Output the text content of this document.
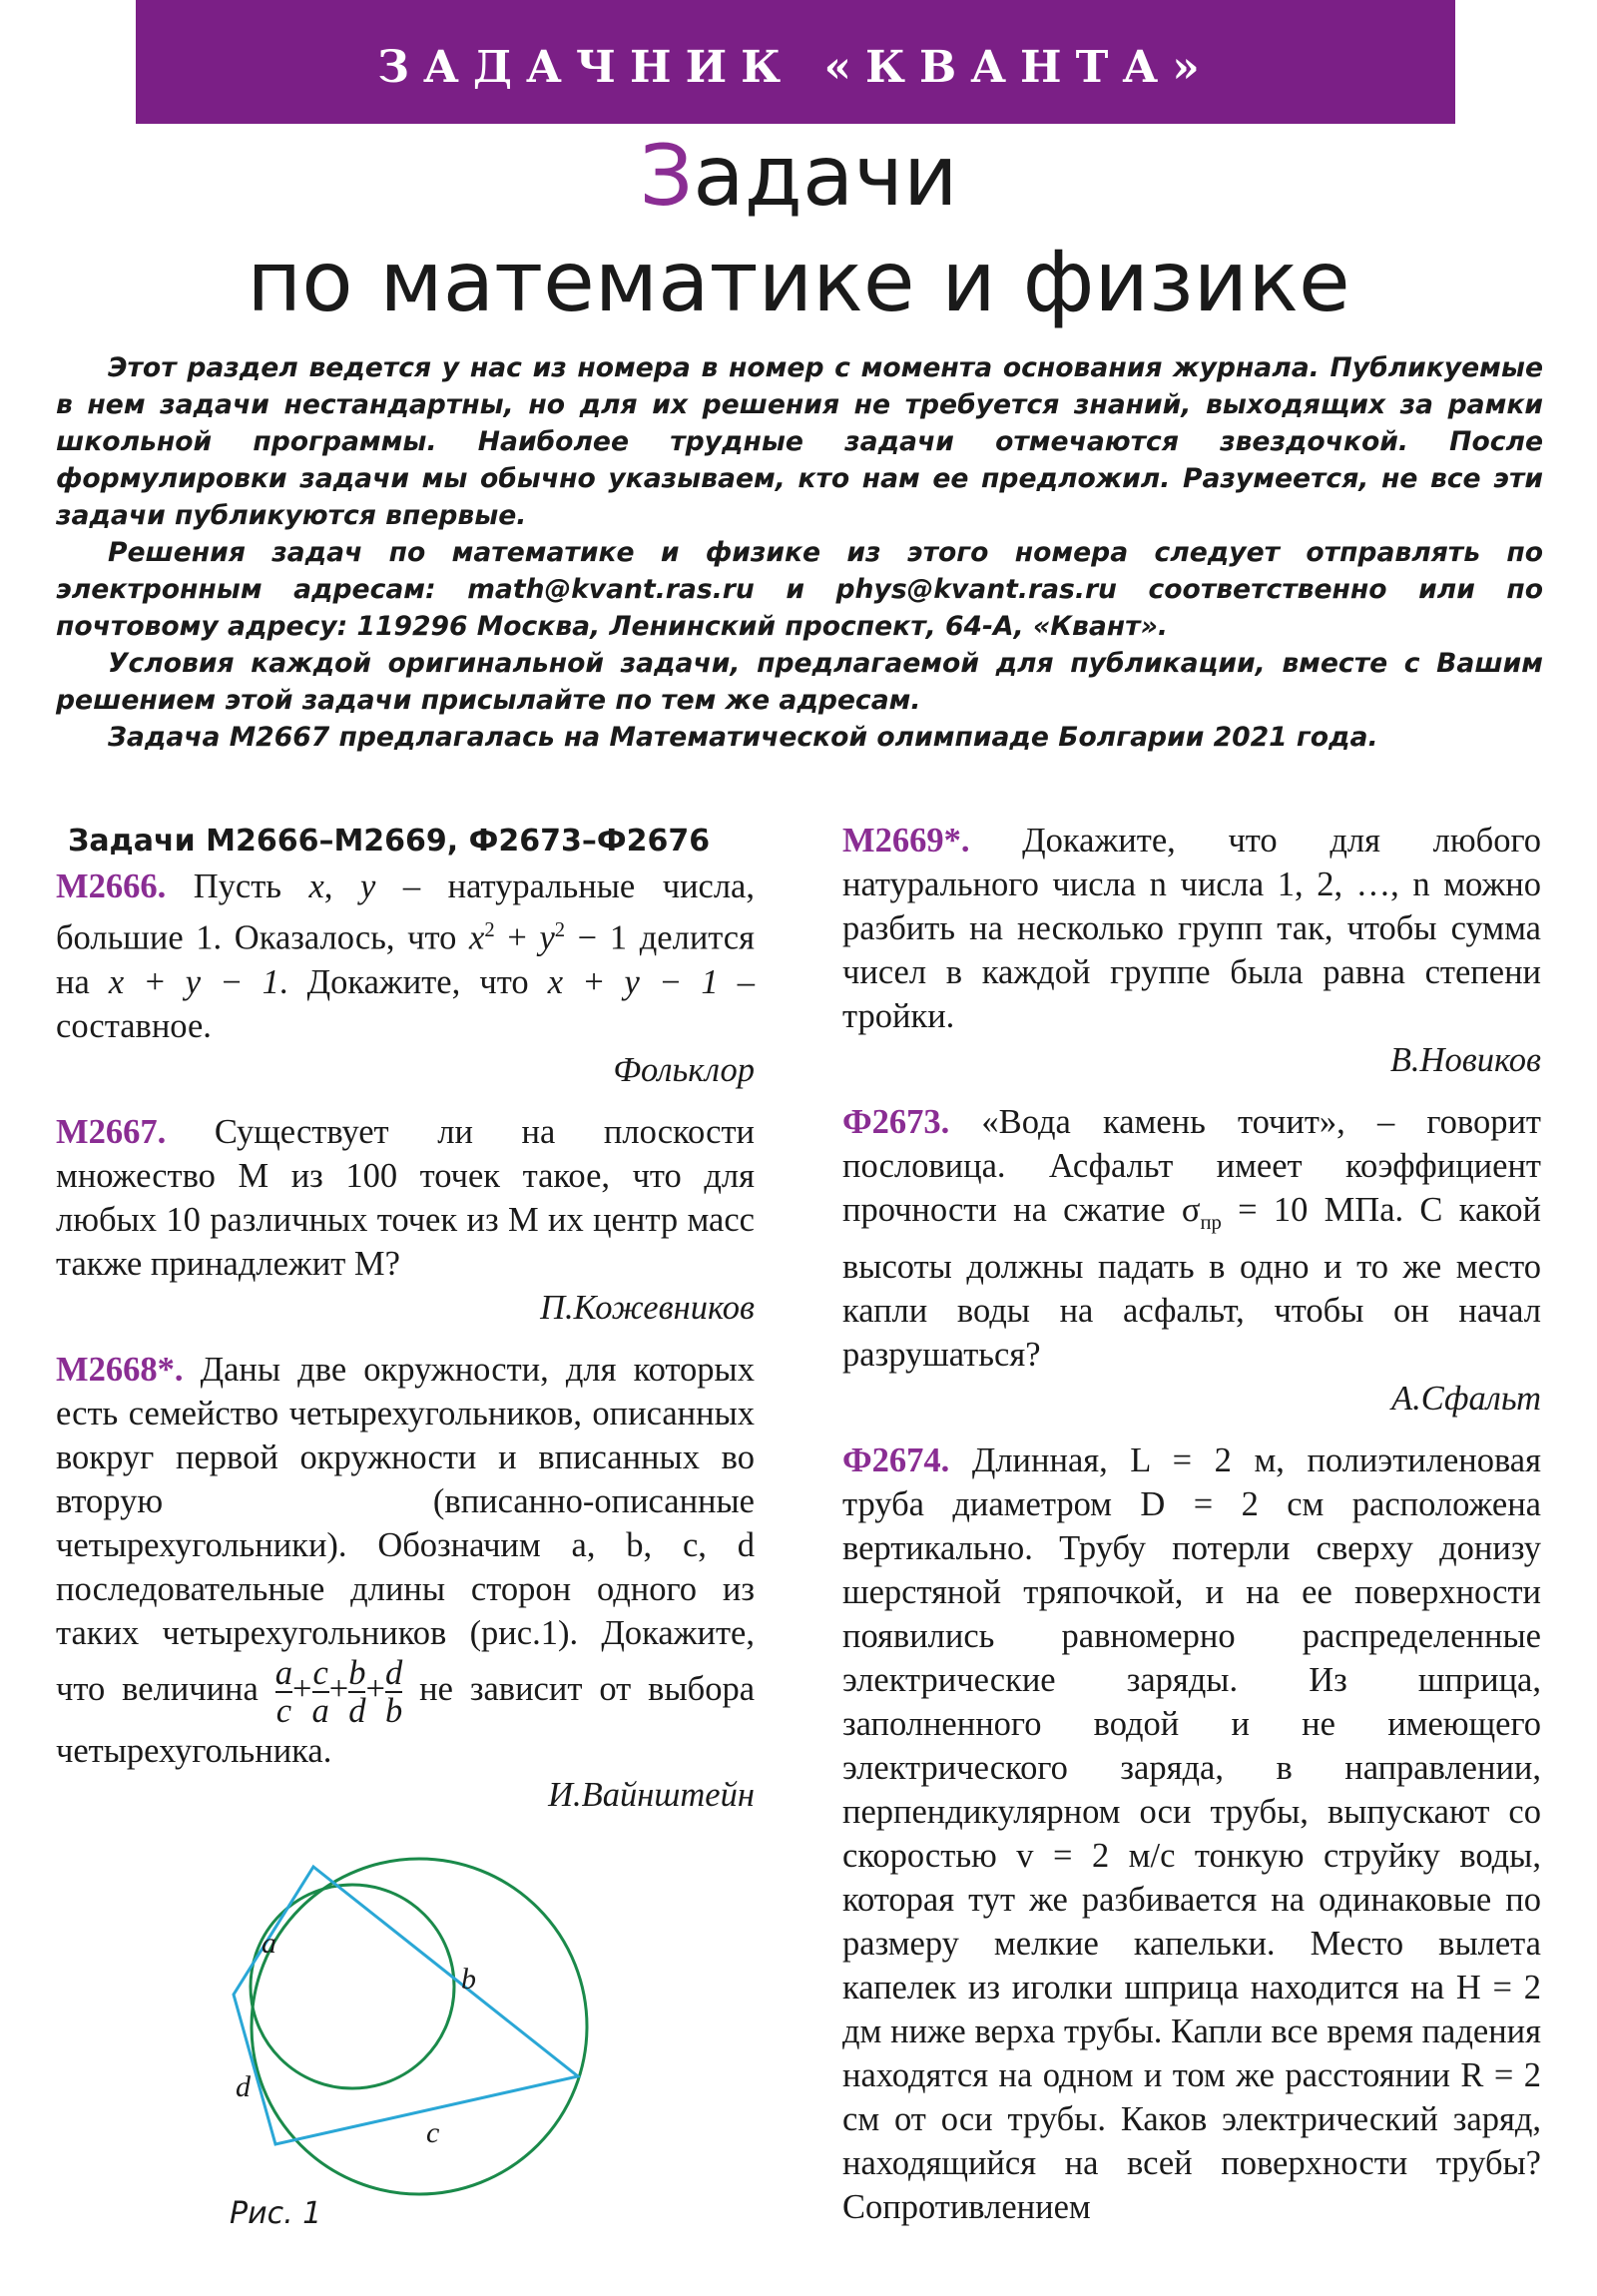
ЗАДАЧНИК «КВАНТА»
Задачи
по математике и физике

Этот раздел ведется у нас из номера в номер с момента основания журнала. Публикуемые в нем задачи нестандартны, но для их решения не требуется знаний, выходящих за рамки школьной программы. Наиболее трудные задачи отмечаются звездочкой. После формулировки задачи мы обычно указываем, кто нам ее предложил. Разумеется, не все эти задачи публикуются впервые.

Решения задач по математике и физике из этого номера следует отправлять по электронным адресам: math@kvant.ras.ru и phys@kvant.ras.ru соответственно или по почтовому адресу: 119296 Москва, Ленинский проспект, 64-А, «Квант».

Условия каждой оригинальной задачи, предлагаемой для публикации, вместе с Вашим решением этой задачи присылайте по тем же адресам.

Задача М2667 предлагалась на Математической олимпиаде Болгарии 2021 года.

Задачи М2666–М2669, Ф2673–Ф2676

М2666. Пусть x, y – натуральные числа, большие 1. Оказалось, что $x^2 + y^2 - 1$ делится на x + y − 1. Докажите, что x + y − 1 – составное.

Фольклор

М2667. Существует ли на плоскости множество M из 100 точек такое, что для любых 10 различных точек из M их центр масс также принадлежит M?

П.Кожевников

М2668*. Даны две окружности, для которых есть семейство четырехугольников, описанных вокруг первой окружности и вписанных во вторую (вписанно-описанные четырехугольники). Обозначим a, b, c, d последовательные длины сторон одного из таких четырехугольников (рис.1). Докажите, что величина $\frac{a}{c} + \frac{c}{a} + \frac{b}{d} + \frac{d}{b}$ не зависит от выбора четырехугольника.

И.Вайнштейн

a
b
c
d
Рис. 1

М2669*. Докажите, что для любого натурального числа n числа 1, 2, …, n можно разбить на несколько групп так, чтобы сумма чисел в каждой группе была равна степени тройки.

В.Новиков

Ф2673. «Вода камень точит», – говорит пословица. Асфальт имеет коэффициент прочности на сжатие $\sigma_{пр} = 10$ МПа. С какой высоты должны падать в одно и то же место капли воды на асфальт, чтобы он начал разрушаться?

А.Сфальт

Ф2674. Длинная, L = 2 м, полиэтиленовая труба диаметром D = 2 см расположена вертикально. Трубу потерли сверху донизу шерстяной тряпочкой, и на ее поверхности появились равномерно распределенные электрические заряды. Из шприца, заполненного водой и не имеющего электрического заряда, в направлении, перпендикулярном оси трубы, выпускают со скоростью v = 2 м/с тонкую струйку воды, которая тут же разбивается на одинаковые по размеру мелкие капельки. Место вылета капелек из иголки шприца находится на H = 2 дм ниже верха трубы. Капли все время падения находятся на одном и том же расстоянии R = 2 см от оси трубы. Каков электрический заряд, находящийся на всей поверхности трубы? Сопротивлением
